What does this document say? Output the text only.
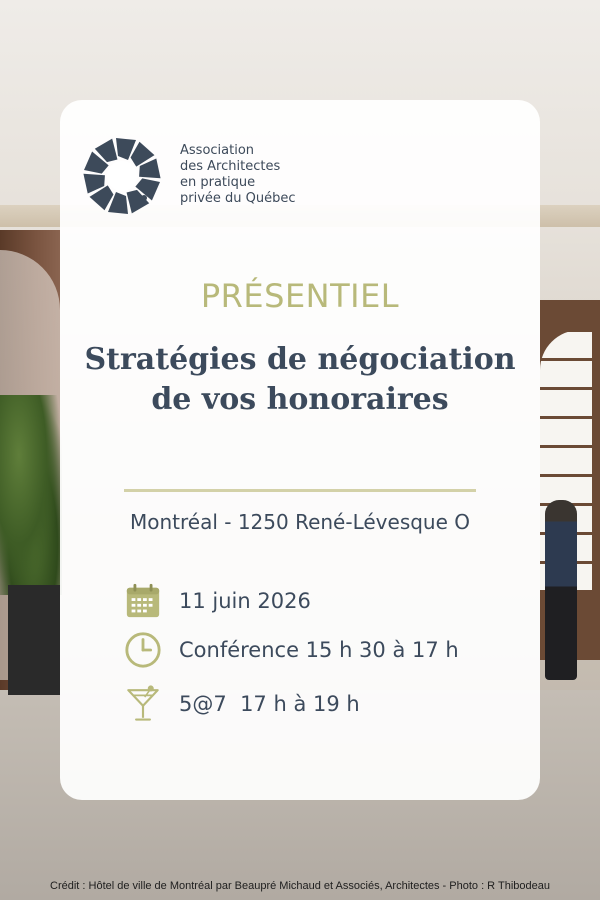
Association
des Architectes
en pratique
privée du Québec
PRÉSENTIEL
Stratégies de négociation
de vos honoraires
Montréal - 1250 René-Lévesque O
11 juin 2026
Conférence 15 h 30 à 17 h
5@7  17 h à 19 h
Crédit : Hôtel de ville de Montréal par Beaupré Michaud et Associés, Architectes - Photo : R Thibodeau
